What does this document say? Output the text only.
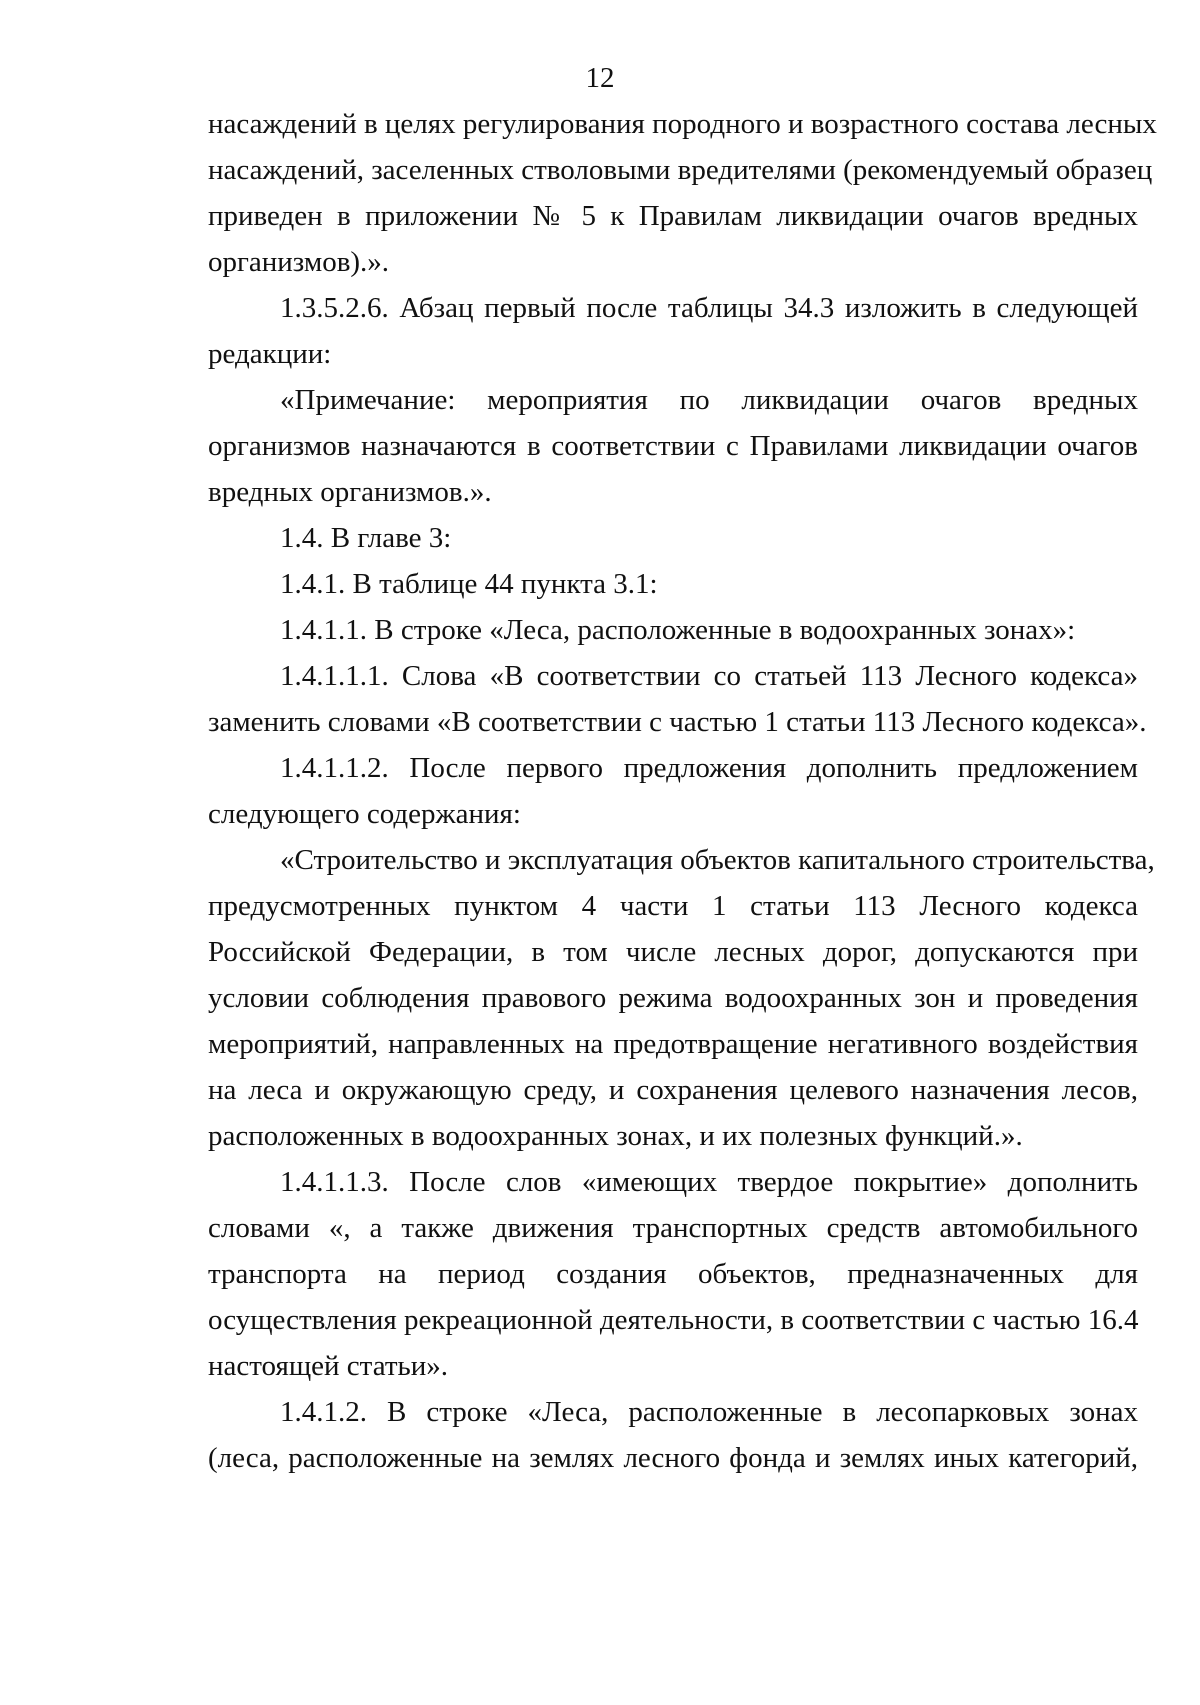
12
насаждений в целях регулирования породного и возрастного состава лесных
насаждений, заселенных стволовыми вредителями (рекомендуемый образец
приведен в приложении № 5 к Правилам ликвидации очагов вредных
организмов).».
1.3.5.2.6. Абзац первый после таблицы 34.3 изложить в следующей
редакции:
«Примечание: мероприятия по ликвидации очагов вредных
организмов назначаются в соответствии с Правилами ликвидации очагов
вредных организмов.».
1.4. В главе 3:
1.4.1. В таблице 44 пункта 3.1:
1.4.1.1. В строке «Леса, расположенные в водоохранных зонах»:
1.4.1.1.1. Слова «В соответствии со статьей 113 Лесного кодекса»
заменить словами «В соответствии с частью 1 статьи 113 Лесного кодекса».
1.4.1.1.2. После первого предложения дополнить предложением
следующего содержания:
«Строительство и эксплуатация объектов капитального строительства,
предусмотренных пунктом 4 части 1 статьи 113 Лесного кодекса
Российской Федерации, в том числе лесных дорог, допускаются при
условии соблюдения правового режима водоохранных зон и проведения
мероприятий, направленных на предотвращение негативного воздействия
на леса и окружающую среду, и сохранения целевого назначения лесов,
расположенных в водоохранных зонах, и их полезных функций.».
1.4.1.1.3. После слов «имеющих твердое покрытие» дополнить
словами «, а также движения транспортных средств автомобильного
транспорта на период создания объектов, предназначенных для
осуществления рекреационной деятельности, в соответствии с частью 16.4
настоящей статьи».
1.4.1.2. В строке «Леса, расположенные в лесопарковых зонах
(леса, расположенные на землях лесного фонда и землях иных категорий,
